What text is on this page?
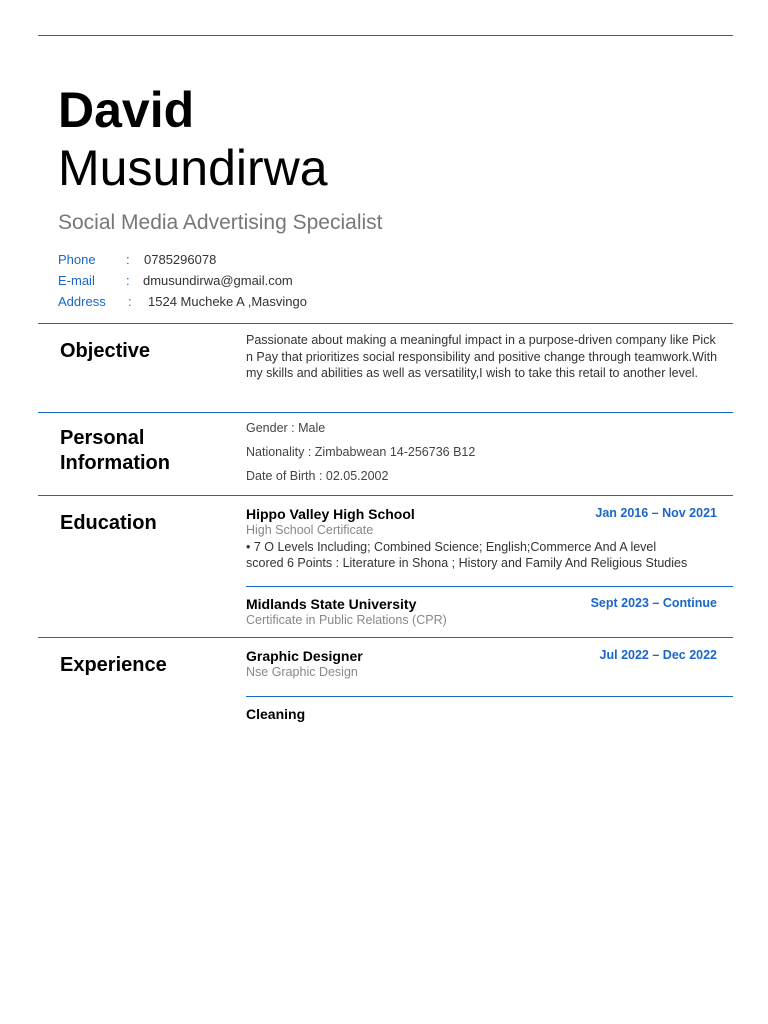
David
Musundirwa
Social Media Advertising Specialist
Phone : 0785296078
E-mail : dmusundirwa@gmail.com
Address : 1524 Mucheke A ,Masvingo
Objective	Passionate about making a meaningful impact in a purpose-driven company like Pick n Pay that prioritizes social responsibility and positive change through teamwork.With my skills and abilities as well as versatility,I wish to take this retail to another level.
Personal
Information
Gender : Male
Nationality : Zimbabwean 14-256736 B12
Date of Birth : 02.05.2002
Education	Hippo Valley High School	Jan 2016 – Nov 2021
High School Certificate
• 7 O Levels Including; Combined Science; English;Commerce And A level
scored 6 Points : Literature in Shona ; History and Family And Religious Studies
Midlands State University	Sept 2023 – Continue
Certificate in Public Relations (CPR)
Experience	Graphic Designer	Jul 2022 – Dec 2022
Nse Graphic Design
Cleaning
